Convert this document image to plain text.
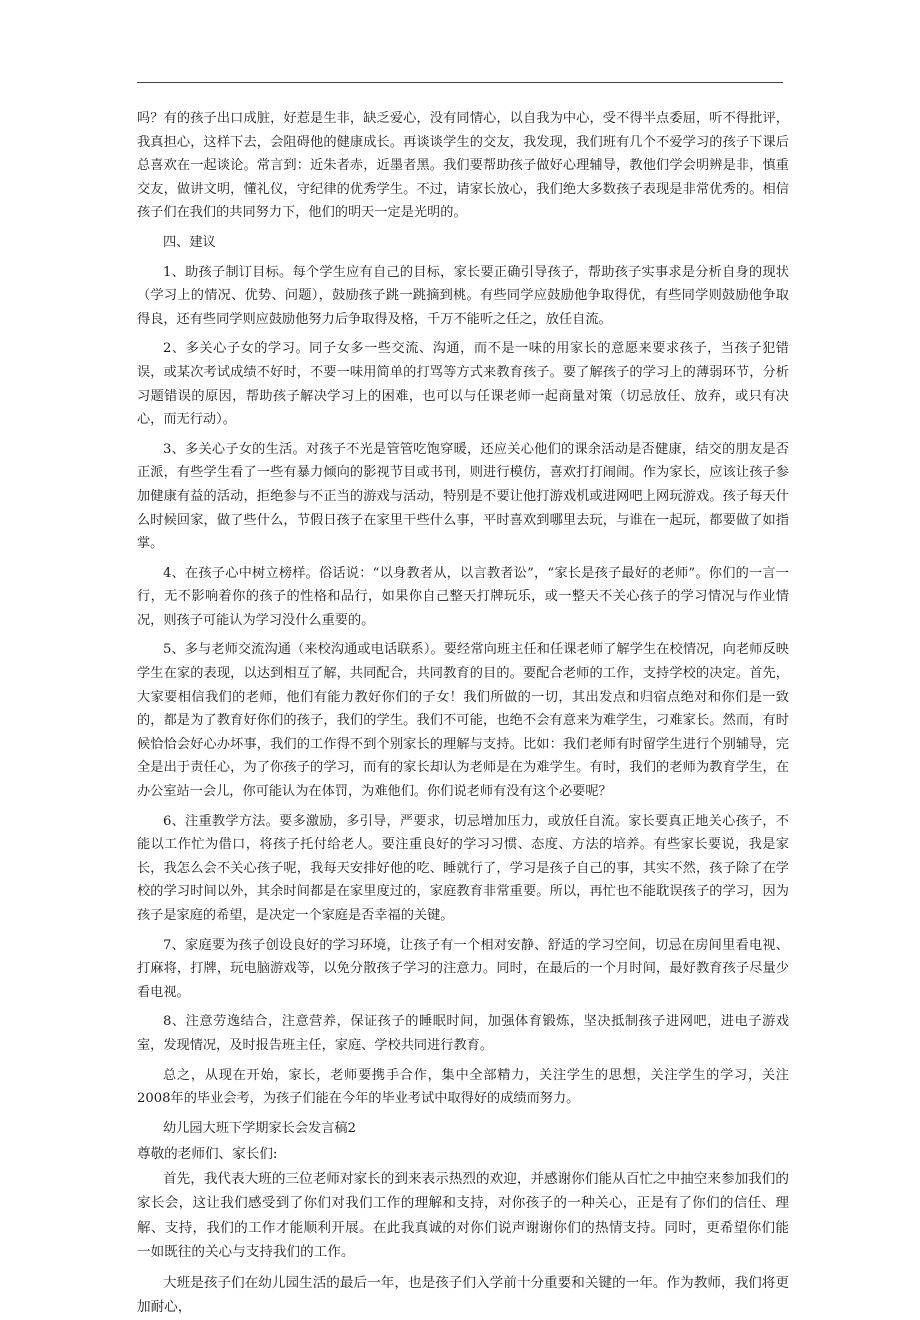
吗？有的孩子出口成脏，好惹是生非，缺乏爱心，没有同情心，以自我为中心，受不得半点委屈，听不得批评，我真担心，这样下去，会阻碍他的健康成长。再谈谈学生的交友，我发现，我们班有几个不爱学习的孩子下课后总喜欢在一起谈论。常言到：近朱者赤，近墨者黑。我们要帮助孩子做好心理辅导，教他们学会明辨是非，慎重交友，做讲文明，懂礼仪，守纪律的优秀学生。不过，请家长放心，我们绝大多数孩子表现是非常优秀的。相信孩子们在我们的共同努力下，他们的明天一定是光明的。

四、建议

1、助孩子制订目标。每个学生应有自己的目标，家长要正确引导孩子，帮助孩子实事求是分析自身的现状（学习上的情况、优势、问题），鼓励孩子跳一跳摘到桃。有些同学应鼓励他争取得优，有些同学则鼓励他争取得良，还有些同学则应鼓励他努力后争取得及格，千万不能听之任之，放任自流。

2、多关心子女的学习。同子女多一些交流、沟通，而不是一味的用家长的意愿来要求孩子，当孩子犯错误，或某次考试成绩不好时，不要一味用简单的打骂等方式来教育孩子。要了解孩子的学习上的薄弱环节，分析习题错误的原因，帮助孩子解决学习上的困难，也可以与任课老师一起商量对策（切忌放任、放弃，或只有决心，而无行动）。

3、多关心子女的生活。对孩子不光是管管吃饱穿暖，还应关心他们的课余活动是否健康，结交的朋友是否正派，有些学生看了一些有暴力倾向的影视节目或书刊，则进行模仿，喜欢打打闹闹。作为家长，应该让孩子参加健康有益的活动，拒绝参与不正当的游戏与活动，特别是不要让他打游戏机或进网吧上网玩游戏。孩子每天什么时候回家，做了些什么，节假日孩子在家里干些什么事，平时喜欢到哪里去玩，与谁在一起玩，都要做了如指掌。

4、在孩子心中树立榜样。俗话说：“以身教者从，以言教者讼”，“家长是孩子最好的老师”。你们的一言一行，无不影响着你的孩子的性格和品行，如果你自己整天打牌玩乐，或一整天不关心孩子的学习情况与作业情况，则孩子可能认为学习没什么重要的。

5、多与老师交流沟通（来校沟通或电话联系）。要经常向班主任和任课老师了解学生在校情况，向老师反映学生在家的表现，以达到相互了解，共同配合，共同教育的目的。要配合老师的工作，支持学校的决定。首先，大家要相信我们的老师，他们有能力教好你们的子女！我们所做的一切，其出发点和归宿点绝对和你们是一致的，都是为了教育好你们的孩子，我们的学生。我们不可能，也绝不会有意来为难学生，刁难家长。然而，有时候恰恰会好心办坏事，我们的工作得不到个别家长的理解与支持。比如：我们老师有时留学生进行个别辅导，完全是出于责任心，为了你孩子的学习，而有的家长却认为老师是在为难学生。有时，我们的老师为教育学生，在办公室站一会儿，你可能认为在体罚，为难他们。你们说老师有没有这个必要呢？

6、注重教学方法。要多激励，多引导，严要求，切忌增加压力，或放任自流。家长要真正地关心孩子，不能以工作忙为借口，将孩子托付给老人。要注重良好的学习习惯、态度、方法的培养。有些家长要说，我是家长，我怎么会不关心孩子呢，我每天安排好他的吃、睡就行了，学习是孩子自己的事，其实不然，孩子除了在学校的学习时间以外，其余时间都是在家里度过的，家庭教育非常重要。所以，再忙也不能耽误孩子的学习，因为孩子是家庭的希望，是决定一个家庭是否幸福的关键。

7、家庭要为孩子创设良好的学习环境，让孩子有一个相对安静、舒适的学习空间，切忌在房间里看电视、打麻将，打牌，玩电脑游戏等，以免分散孩子学习的注意力。同时，在最后的一个月时间，最好教育孩子尽量少看电视。

8、注意劳逸结合，注意营养，保证孩子的睡眠时间，加强体育锻炼，坚决抵制孩子进网吧，进电子游戏室，发现情况，及时报告班主任，家庭、学校共同进行教育。

总之，从现在开始，家长，老师要携手合作，集中全部精力，关注学生的思想，关注学生的学习，关注2008年的毕业会考，为孩子们能在今年的毕业考试中取得好的成绩而努力。

幼儿园大班下学期家长会发言稿2

尊敬的老师们、家长们:

首先，我代表大班的三位老师对家长的到来表示热烈的欢迎，并感谢你们能从百忙之中抽空来参加我们的家长会，这让我们感受到了你们对我们工作的理解和支持，对你孩子的一种关心，正是有了你们的信任、理解、支持，我们的工作才能顺利开展。在此我真诚的对你们说声谢谢你们的热情支持。同时，更希望你们能一如既往的关心与支持我们的工作。

大班是孩子们在幼儿园生活的最后一年，也是孩子们入学前十分重要和关键的一年。作为教师，我们将更加耐心，
